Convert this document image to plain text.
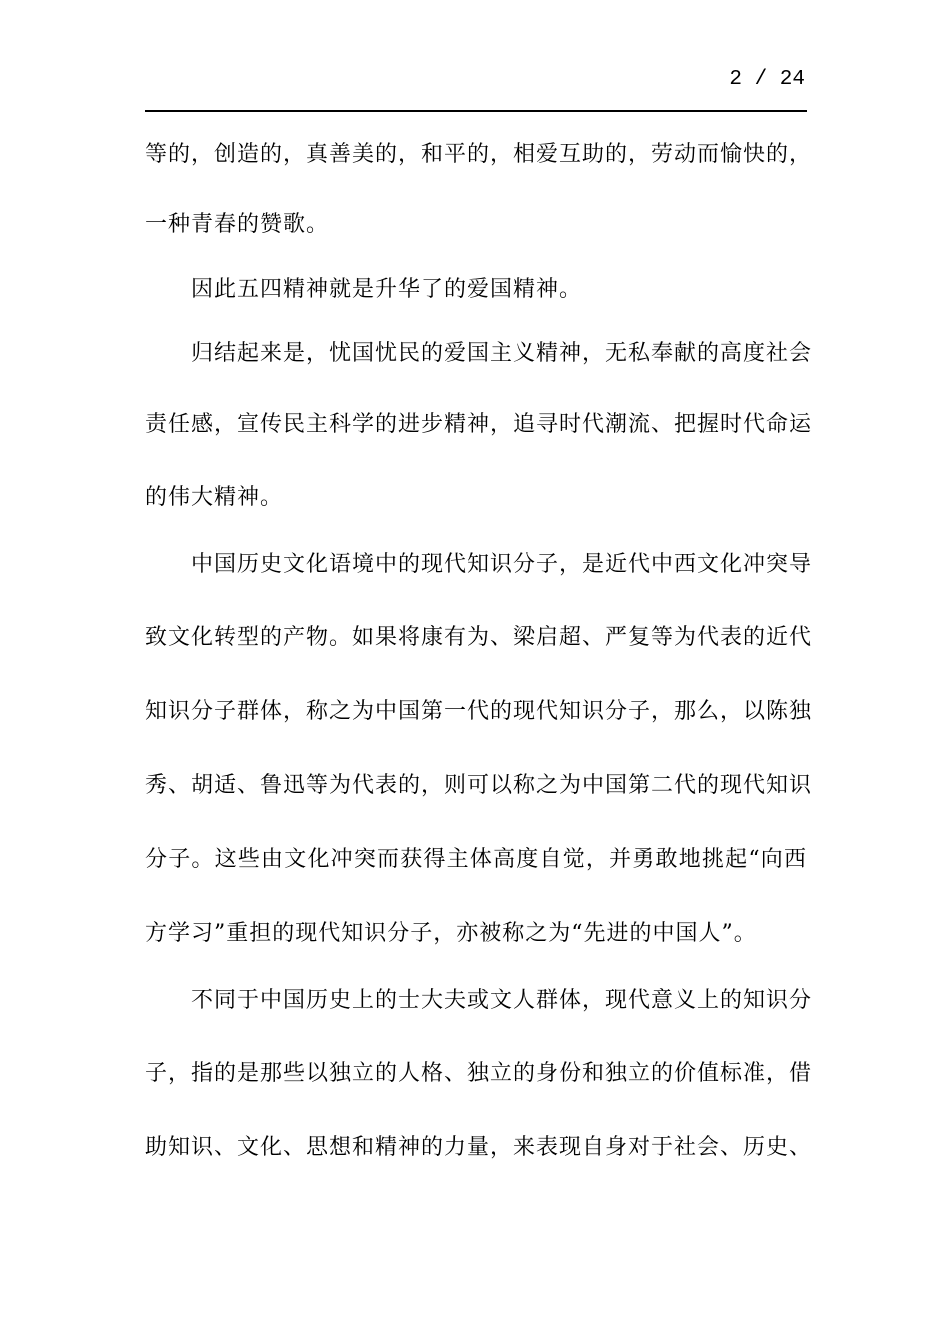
2 / 24
等的，创造的，真善美的，和平的，相爱互助的，劳动而愉快的，
一种青春的赞歌。
因此五四精神就是升华了的爱国精神。
归结起来是，忧国忧民的爱国主义精神，无私奉献的高度社会
责任感，宣传民主科学的进步精神，追寻时代潮流、把握时代命运
的伟大精神。
中国历史文化语境中的现代知识分子，是近代中西文化冲突导
致文化转型的产物。如果将康有为、梁启超、严复等为代表的近代
知识分子群体，称之为中国第一代的现代知识分子，那么，以陈独
秀、胡适、鲁迅等为代表的，则可以称之为中国第二代的现代知识
分子。这些由文化冲突而获得主体高度自觉，并勇敢地挑起“向西
方学习”重担的现代知识分子，亦被称之为“先进的中国人”。
不同于中国历史上的士大夫或文人群体，现代意义上的知识分
子，指的是那些以独立的人格、独立的身份和独立的价值标准，借
助知识、文化、思想和精神的力量，来表现自身对于社会、历史、
